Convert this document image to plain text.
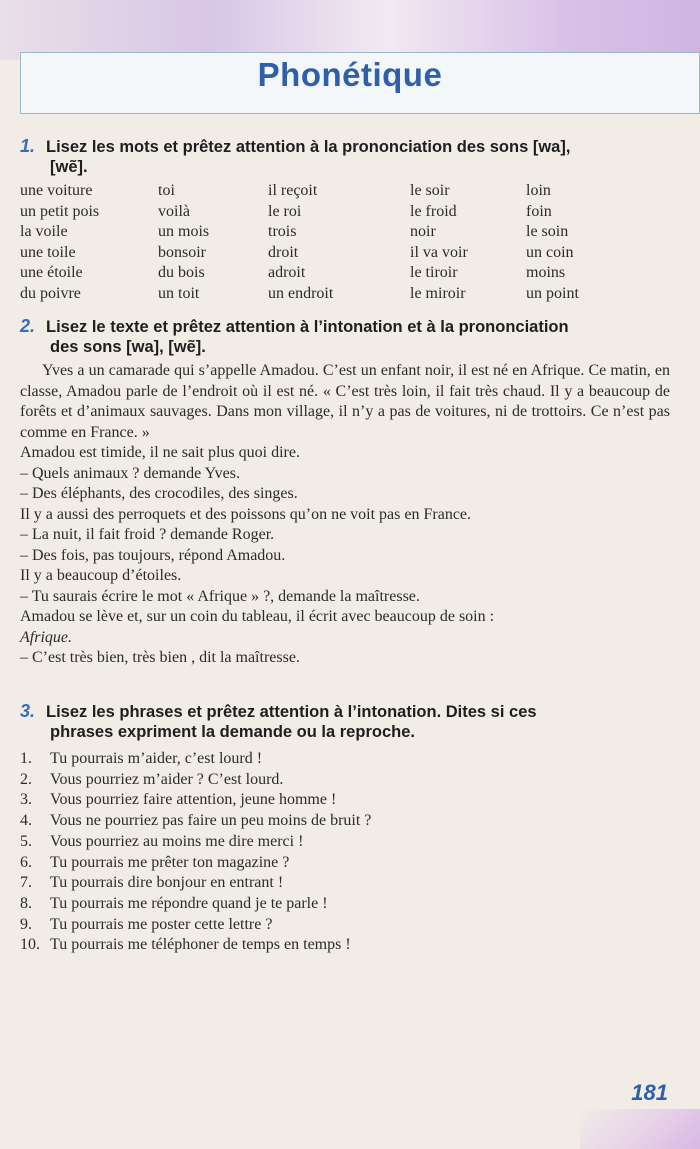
Phonétique
1. Lisez les mots et prêtez attention à la prononciation des sons [wa],
[wẽ].
une voiture
un petit pois
la voile
une toile
une étoile
du poivre
toi
voilà
un mois
bonsoir
du bois
un toit
il reçoit
le roi
trois
droit
adroit
un endroit
le soir
le froid
noir
il va voir
le tiroir
le miroir
loin
foin
le soin
un coin
moins
un point
2. Lisez le texte et prêtez attention à l’intonation et à la prononciation
des sons [wa], [wẽ].

Yves a un camarade qui s’appelle Amadou. C’est un enfant noir, il est né en Afrique. Ce matin, en classe, Amadou parle de l’endroit où il est né. « C’est très loin, il fait très chaud. Il y a beaucoup de forêts et d’animaux sauvages. Dans mon village, il n’y a pas de voitures, ni de trottoirs. Ce n’est pas comme en France. »

Amadou est timide, il ne sait plus quoi dire.

– Quels animaux ? demande Yves.

– Des éléphants, des crocodiles, des singes.

Il y a aussi des perroquets et des poissons qu’on ne voit pas en France.

– La nuit, il fait froid ? demande Roger.

– Des fois, pas toujours, répond Amadou.

Il y a beaucoup d’étoiles.

– Tu saurais écrire le mot « Afrique » ?, demande la maîtresse.

Amadou se lève et, sur un coin du tableau, il écrit avec beaucoup de soin :

Afrique.

– C’est très bien, très bien , dit la maîtresse.

3. Lisez les phrases et prêtez attention à l’intonation. Dites si ces
phrases expriment la demande ou la reproche.
1. Tu pourrais m’aider, c’est lourd !
2. Vous pourriez m’aider ? C’est lourd.
3. Vous pourriez faire attention, jeune homme !
4. Vous ne pourriez pas faire un peu moins de bruit ?
5. Vous pourriez au moins me dire merci !
6. Tu pourrais me prêter ton magazine ?
7. Tu pourrais dire bonjour en entrant !
8. Tu pourrais me répondre quand je te parle !
9. Tu pourrais me poster cette lettre ?
10. Tu pourrais me téléphoner de temps en temps !
181
